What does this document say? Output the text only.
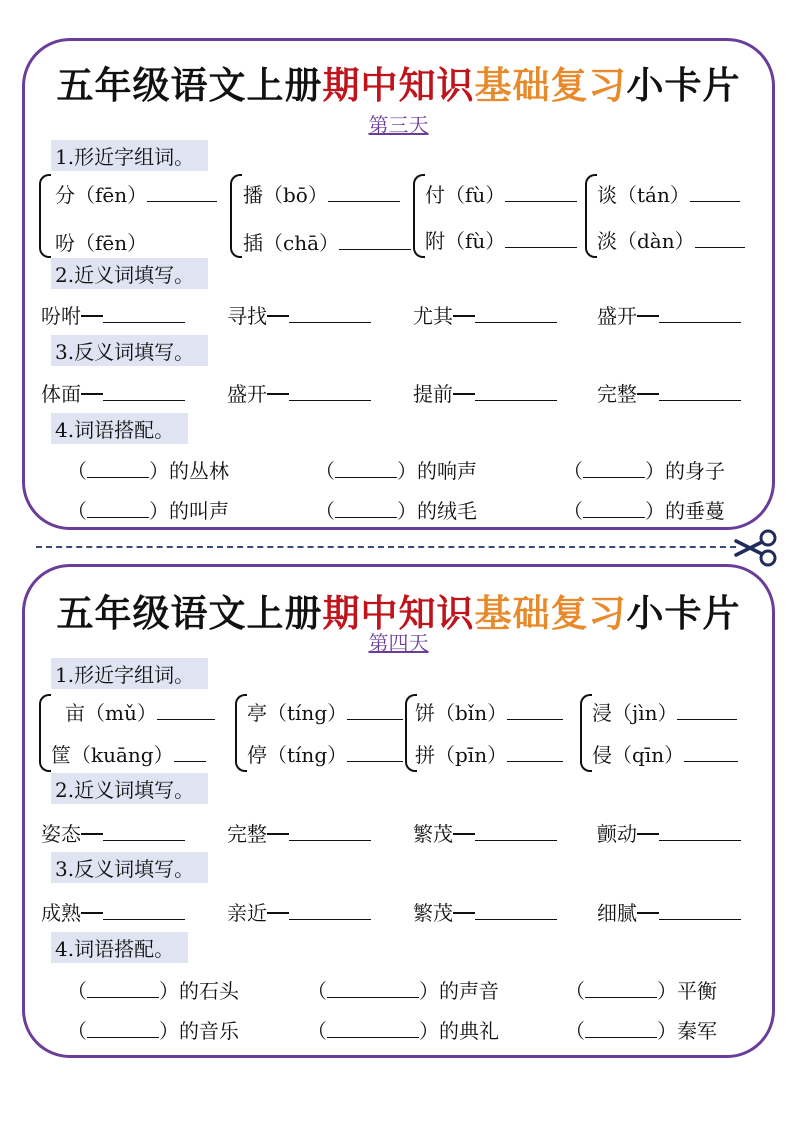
五年级语文上册期中知识基础复习小卡片
第三天
1.形近字组词。
分（fēn）
吩（fēn）
播（bō）
插（chā）
付（fù）
附（fù）
谈（tán）
淡（dàn）
2.近义词填写。
吩咐	寻找	尤其	盛开
3.反义词填写。
体面	盛开	提前	完整
4.词语搭配。
（	）的丛林	（	）的响声	（	）的身子
（	）的叫声	（	）的绒毛	（	）的垂蔓
五年级语文上册期中知识基础复习小卡片
第四天
1.形近字组词。
亩（mǔ）
筐（kuāng）
亭（tíng）
停（tíng）
饼（bǐn）
拼（pīn）
浸（jìn）
侵（qīn）
2.近义词填写。
姿态	完整	繁茂	颤动
3.反义词填写。
成熟	亲近	繁茂	细腻
4.词语搭配。
（	）的石头	（	）的声音	（	）平衡
（	）的音乐	（	）的典礼	（	）秦军
